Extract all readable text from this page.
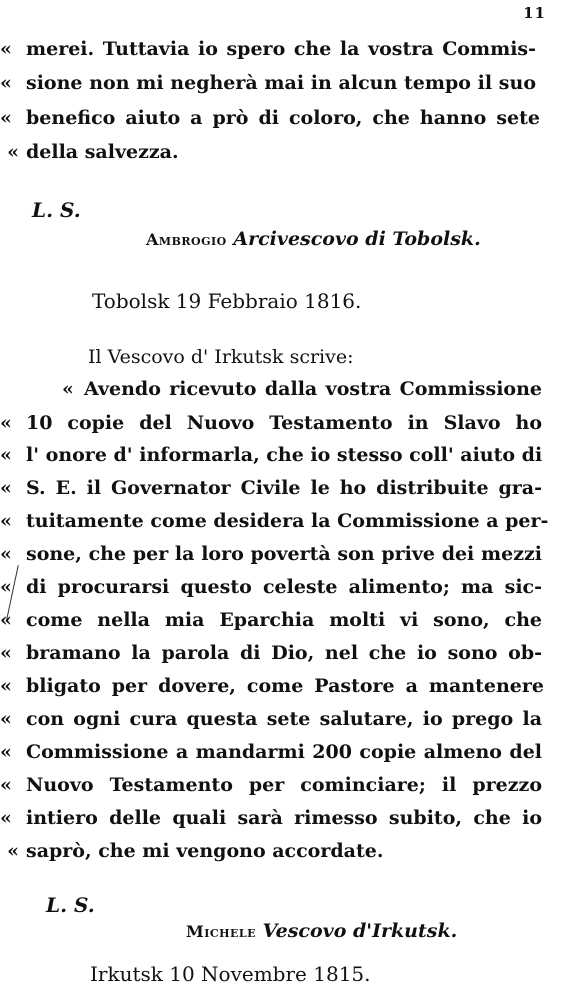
11
« merei. Tuttavia io spero che la vostra Commis-
« sione non mi negherà mai in alcun tempo il suo
« benefico aiuto a prò di coloro, che hanno sete
« della salvezza.
L. S.
Ambrogio Arcivescovo di Tobolsk.
Tobolsk 19 Febbraio 1816.
Il Vescovo d' Irkutsk scrive:
« Avendo ricevuto dalla vostra Commissione
« 10 copie del Nuovo Testamento in Slavo ho
« l' onore d' informarla, che io stesso coll' aiuto di
« S. E. il Governator Civile le ho distribuite gra-
« tuitamente come desidera la Commissione a per-
« sone, che per la loro povertà son prive dei mezzi
« di procurarsi questo celeste alimento; ma sic-
« come nella mia Eparchia molti vi sono, che
« bramano la parola di Dio, nel che io sono ob-
« bligato per dovere, come Pastore a mantenere
« con ogni cura questa sete salutare, io prego la
« Commissione a mandarmi 200 copie almeno del
« Nuovo Testamento per cominciare; il prezzo
« intiero delle quali sarà rimesso subito, che io
« saprò, che mi vengono accordate.
L. S.
Michele Vescovo d'Irkutsk.
Irkutsk 10 Novembre 1815.
